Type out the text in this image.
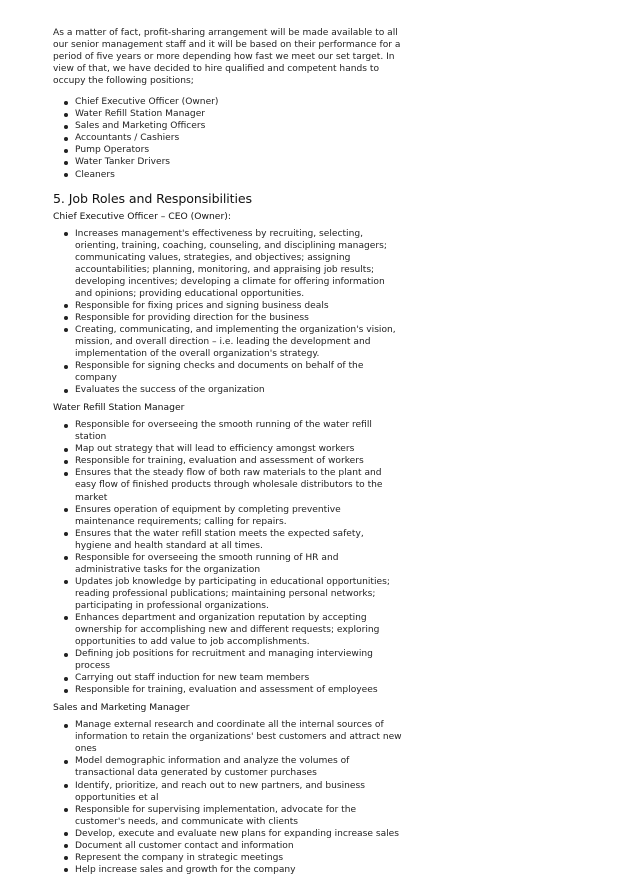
As a matter of fact, profit-sharing arrangement will be made available to all our senior management staff and it will be based on their performance for a period of five years or more depending how fast we meet our set target. In view of that, we have decided to hire qualified and competent hands to occupy the following positions;

Chief Executive Officer (Owner)
Water Refill Station Manager
Sales and Marketing Officers
Accountants / Cashiers
Pump Operators
Water Tanker Drivers
Cleaners
5. Job Roles and Responsibilities
Chief Executive Officer – CEO (Owner):
Increases management's effectiveness by recruiting, selecting, orienting, training, coaching, counseling, and disciplining managers; communicating values, strategies, and objectives; assigning accountabilities; planning, monitoring, and appraising job results; developing incentives; developing a climate for offering information and opinions; providing educational opportunities.
Responsible for fixing prices and signing business deals
Responsible for providing direction for the business
Creating, communicating, and implementing the organization's vision, mission, and overall direction – i.e. leading the development and implementation of the overall organization's strategy.
Responsible for signing checks and documents on behalf of the company
Evaluates the success of the organization
Water Refill Station Manager
Responsible for overseeing the smooth running of the water refill station
Map out strategy that will lead to efficiency amongst workers
Responsible for training, evaluation and assessment of workers
Ensures that the steady flow of both raw materials to the plant and easy flow of finished products through wholesale distributors to the market
Ensures operation of equipment by completing preventive maintenance requirements; calling for repairs.
Ensures that the water refill station meets the expected safety, hygiene and health standard at all times.
Responsible for overseeing the smooth running of HR and administrative tasks for the organization
Updates job knowledge by participating in educational opportunities; reading professional publications; maintaining personal networks; participating in professional organizations.
Enhances department and organization reputation by accepting ownership for accomplishing new and different requests; exploring opportunities to add value to job accomplishments.
Defining job positions for recruitment and managing interviewing process
Carrying out staff induction for new team members
Responsible for training, evaluation and assessment of employees
Sales and Marketing Manager
Manage external research and coordinate all the internal sources of information to retain the organizations' best customers and attract new ones
Model demographic information and analyze the volumes of transactional data generated by customer purchases
Identify, prioritize, and reach out to new partners, and business opportunities et al
Responsible for supervising implementation, advocate for the customer's needs, and communicate with clients
Develop, execute and evaluate new plans for expanding increase sales
Document all customer contact and information
Represent the company in strategic meetings
Help increase sales and growth for the company
